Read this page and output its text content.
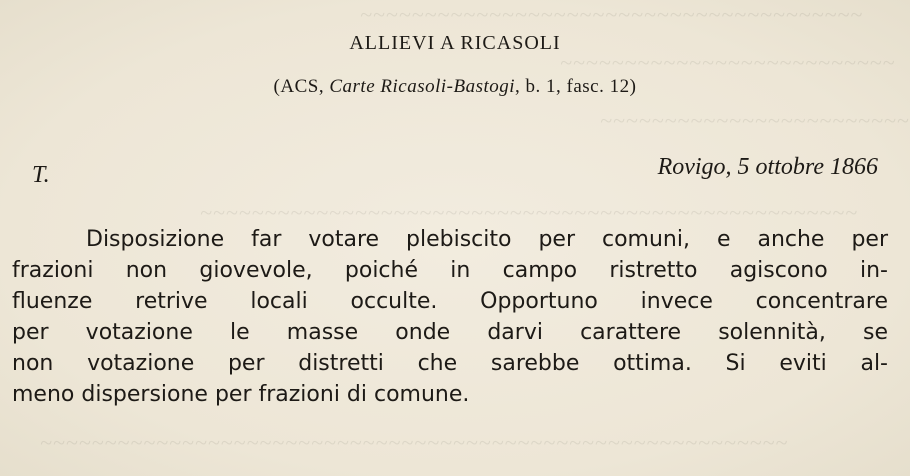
~~~~~~~~~~~~~~~~~~~~~~~~~~~~~~~~~~~~~~~
~~~~~~~~~~~~~~~~~~~~~~~~~~
~~~~~~~~~~~~~~~~~~~~~~~~
~~~~~~~~~~~~~~~~~~~~~~~~~~~~~~~~~~~~~~~~~~~~~~~~~~~
~~~~~~~~~~~~~~~~~~~~~~~~~~~~~~~~~~~~~~~~~~~~~~~~~~~~~~~~~~
ALLIEVI A RICASOLI
(ACS, Carte Ricasoli-Bastogi, b. 1, fasc. 12)
T.	Rovigo, 5 ottobre 1866
Disposizione far votare plebiscito per comuni, e anche per
frazioni non giovevole, poiché in campo ristretto agiscono in-
fluenze retrive locali occulte. Opportuno invece concentrare
per votazione le masse onde darvi carattere solennità, se
non votazione per distretti che sarebbe ottima. Si eviti al-
meno dispersione per frazioni di comune.
